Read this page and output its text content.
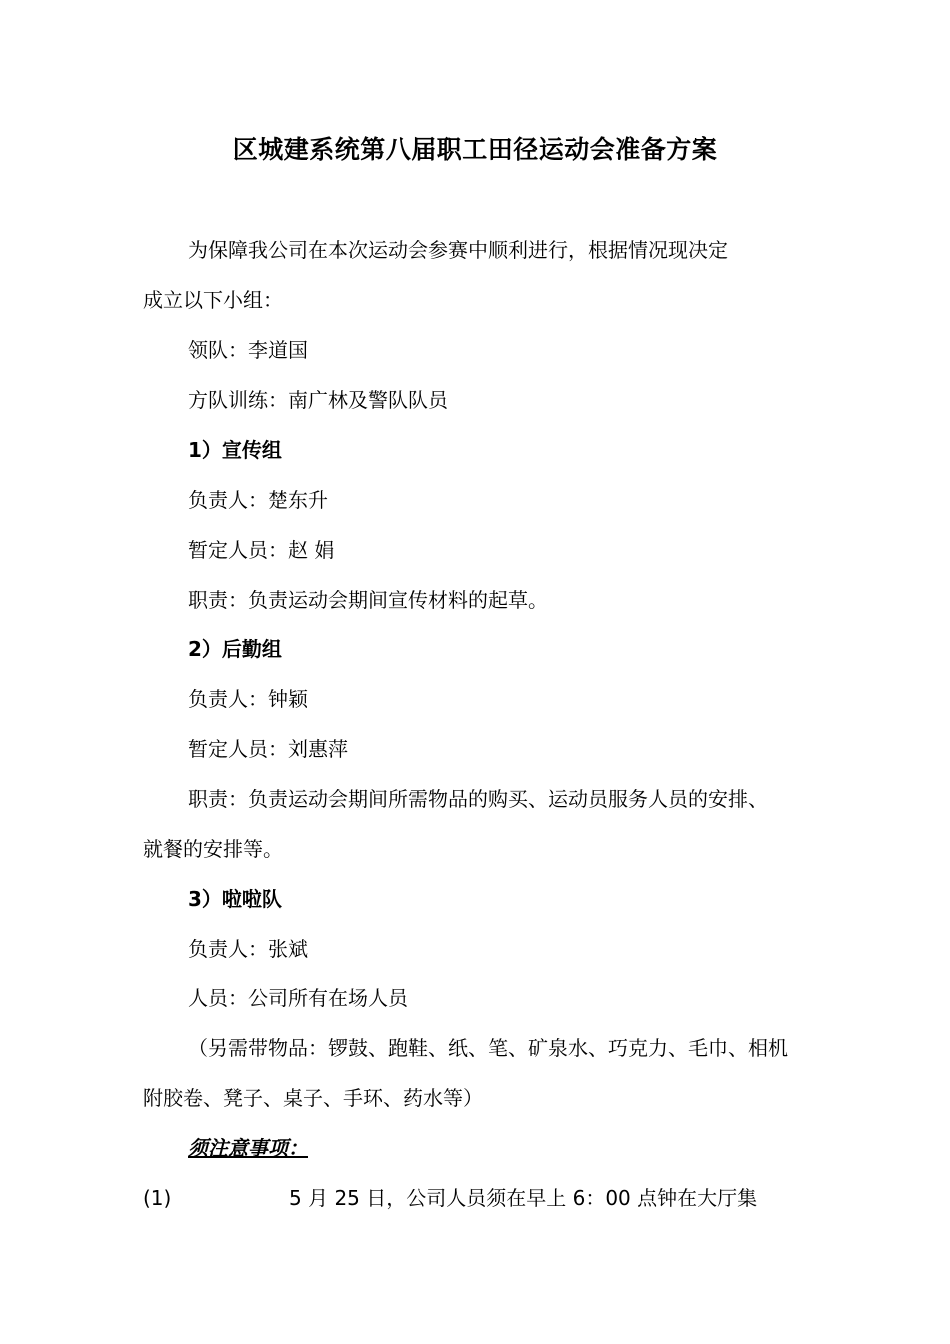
区城建系统第八届职工田径运动会准备方案
为保障我公司在本次运动会参赛中顺利进行，根据情况现决定
成立以下小组：
领队：李道国
方队训练：南广林及警队队员
1）宣传组
负责人：楚东升
暂定人员：赵 娟
职责：负责运动会期间宣传材料的起草。
2）后勤组
负责人：钟颖
暂定人员：刘惠萍
职责：负责运动会期间所需物品的购买、运动员服务人员的安排、
就餐的安排等。
3）啦啦队
负责人：张斌
人员：公司所有在场人员
（另需带物品：锣鼓、跑鞋、纸、笔、矿泉水、巧克力、毛巾、相机
附胶卷、凳子、桌子、手环、药水等）
须注意事项：
(1)	5 月 25 日，公司人员须在早上 6：00 点钟在大厅集
